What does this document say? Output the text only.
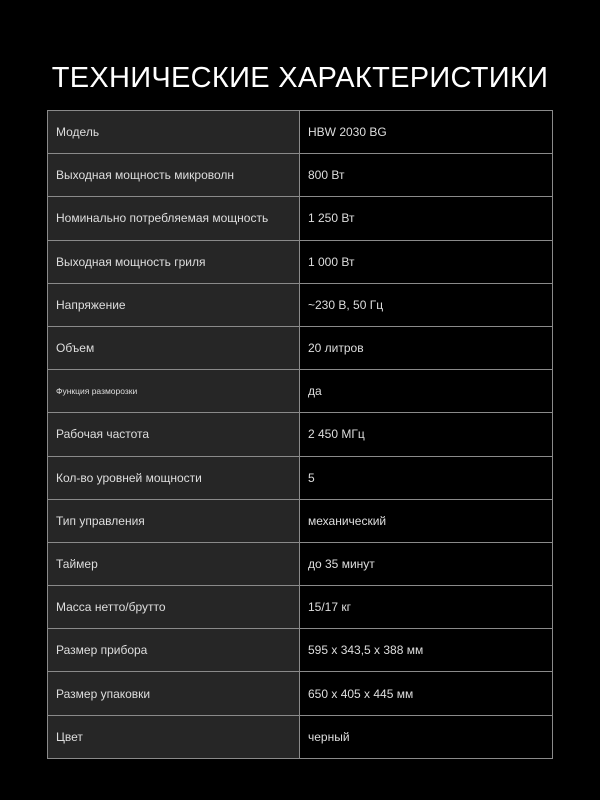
ТЕХНИЧЕСКИЕ ХАРАКТЕРИСТИКИ
Модель	HBW 2030 BG
Выходная мощность микроволн	800 Вт
Номинально потребляемая мощность	1 250 Вт
Выходная мощность гриля	1 000 Вт
Напряжение	~230 В, 50 Гц
Объем	20 литров
Функция разморозки	да
Рабочая частота	2 450 МГц
Кол-во уровней мощности	5
Тип управления	механический
Таймер	до 35 минут
Масса нетто/брутто	15/17 кг
Размер прибора	595 x 343,5 x 388 мм
Размер упаковки	650 x 405 x 445 мм
Цвет	черный
